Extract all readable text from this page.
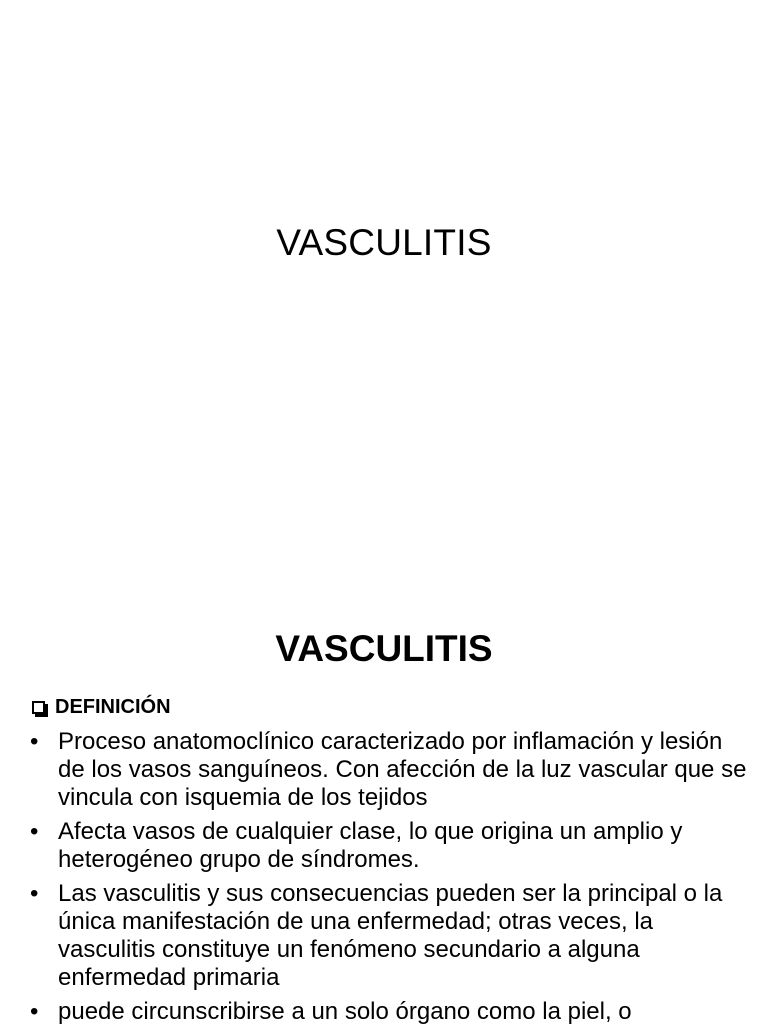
VASCULITIS
VASCULITIS
DEFINICIÓN
• Proceso anatomoclínico caracterizado por inflamación y lesión de los vasos sanguíneos. Con afección de la luz vascular que se vincula con isquemia de los tejidos
• Afecta vasos de cualquier clase, lo que origina un amplio y heterogéneo grupo de síndromes.
• Las vasculitis y sus consecuencias pueden ser la principal o la única manifestación de una enfermedad; otras veces, la vasculitis constituye un fenómeno secundario a alguna enfermedad primaria
• puede circunscribirse a un solo órgano como la piel, o
